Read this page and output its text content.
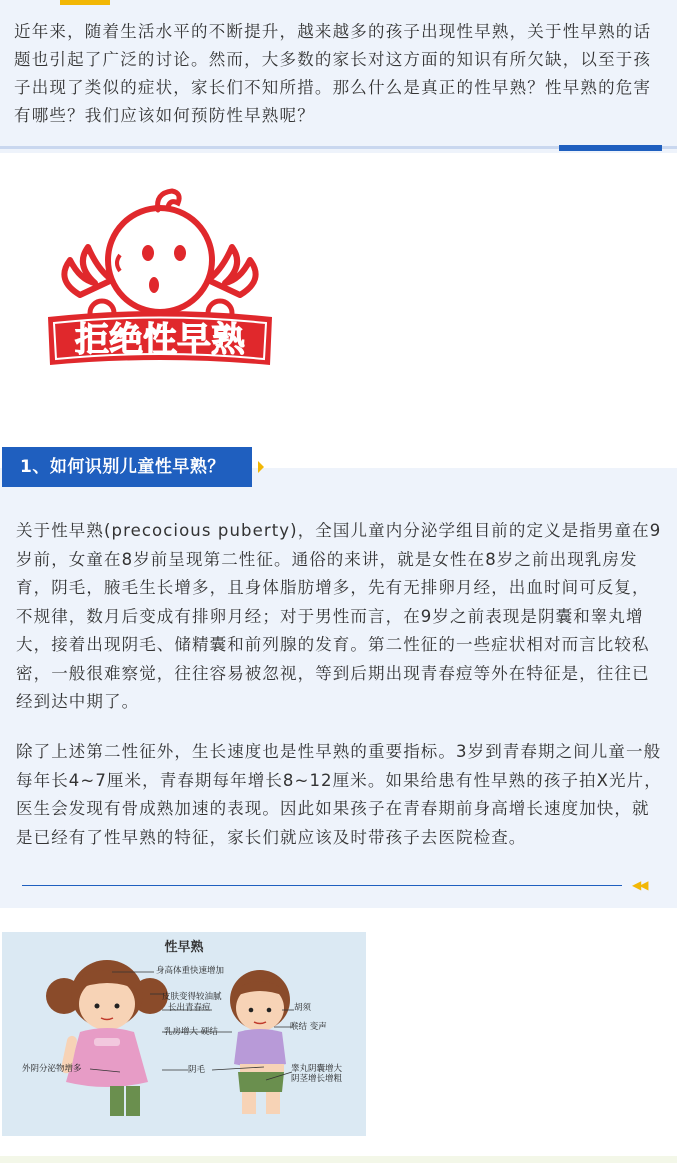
近年来，随着生活水平的不断提升，越来越多的孩子出现性早熟，关于性早熟的话题也引起了广泛的讨论。然而，大多数的家长对这方面的知识有所欠缺，以至于孩子出现了类似的症状，家长们不知所措。那么什么是真正的性早熟？性早熟的危害有哪些？我们应该如何预防性早熟呢？

拒绝性早熟
1、如何识别儿童性早熟？

关于性早熟(precocious puberty)，全国儿童内分泌学组目前的定义是指男童在9岁前，女童在8岁前呈现第二性征。通俗的来讲，就是女性在8岁之前出现乳房发育，阴毛，腋毛生长增多，且身体脂肪增多，先有无排卵月经，出血时间可反复，不规律，数月后变成有排卵月经；对于男性而言，在9岁之前表现是阴囊和睾丸增大，接着出现阴毛、储精囊和前列腺的发育。第二性征的一些症状相对而言比较私密，一般很难察觉，往往容易被忽视，等到后期出现青春痘等外在特征是，往往已经到达中期了。

除了上述第二性征外，生长速度也是性早熟的重要指标。3岁到青春期之间儿童一般每年长4~7厘米，青春期每年增长8~12厘米。如果给患有性早熟的孩子拍X光片，医生会发现有骨成熟加速的表现。因此如果孩子在青春期前身高增长速度加快，就是已经有了性早熟的特征，家长们就应该及时带孩子去医院检查。

◀◀
性早熟
身高体重快速增加
皮肤变得较油腻
长出青春痘
乳房增大 硬结
胡须
喉结 变声
外阴分泌物增多	阴毛	睾丸阴囊增大
阴茎增长增粗
